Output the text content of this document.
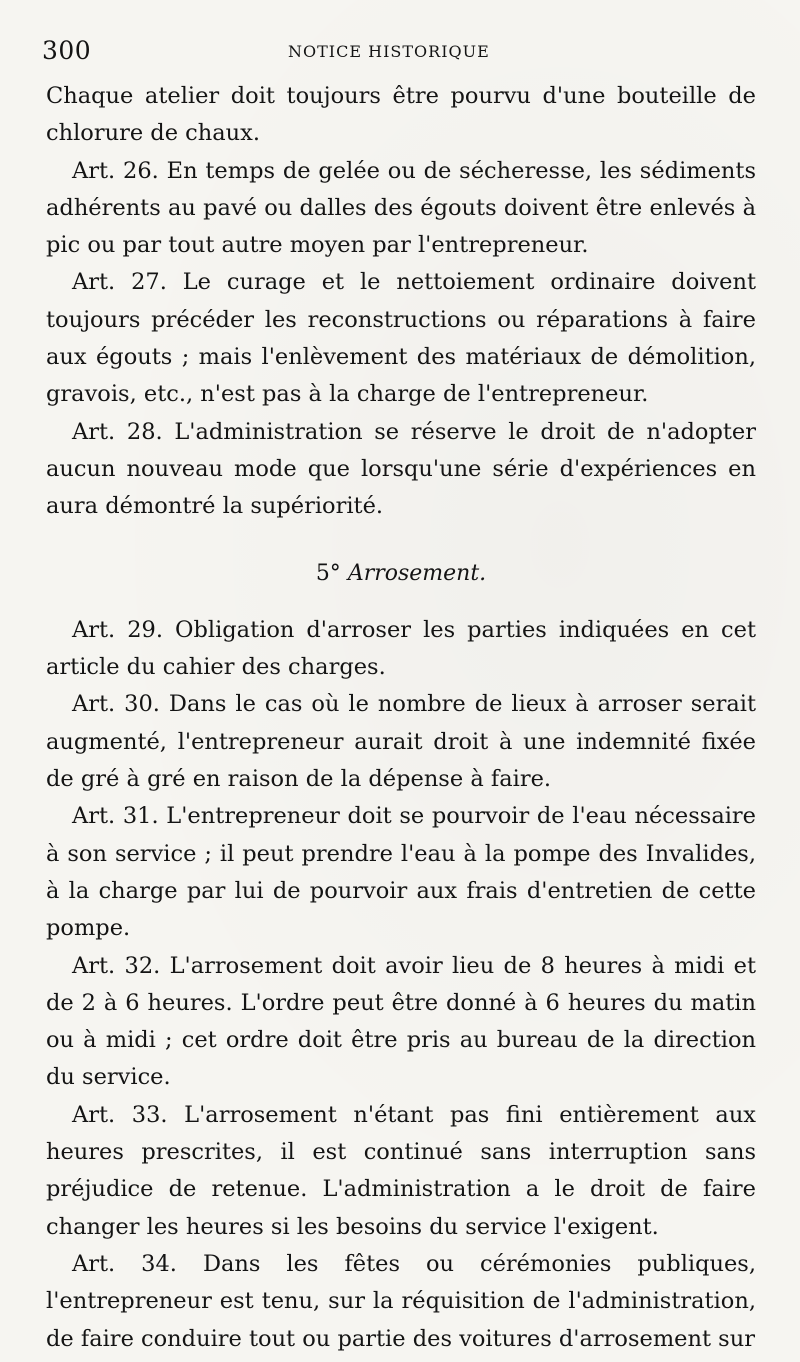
300	NOTICE HISTORIQUE

Chaque atelier doit toujours être pourvu d'une bouteille de chlorure de chaux.

Art. 26. En temps de gelée ou de sécheresse, les sédiments adhérents au pavé ou dalles des égouts doivent être enlevés à pic ou par tout autre moyen par l'entrepreneur.

Art. 27. Le curage et le nettoiement ordinaire doivent toujours précéder les reconstructions ou réparations à faire aux égouts ; mais l'enlèvement des matériaux de démolition, gravois, etc., n'est pas à la charge de l'entrepreneur.

Art. 28. L'administration se réserve le droit de n'adopter aucun nouveau mode que lorsqu'une série d'expériences en aura démontré la supériorité.

5° Arrosement.

Art. 29. Obligation d'arroser les parties indiquées en cet article du cahier des charges.

Art. 30. Dans le cas où le nombre de lieux à arroser serait augmenté, l'entrepreneur aurait droit à une indemnité fixée de gré à gré en raison de la dépense à faire.

Art. 31. L'entrepreneur doit se pourvoir de l'eau nécessaire à son service ; il peut prendre l'eau à la pompe des Invalides, à la charge par lui de pourvoir aux frais d'entretien de cette pompe.

Art. 32. L'arrosement doit avoir lieu de 8 heures à midi et de 2 à 6 heures. L'ordre peut être donné à 6 heures du matin ou à midi ; cet ordre doit être pris au bureau de la direction du service.

Art. 33. L'arrosement n'étant pas fini entièrement aux heures prescrites, il est continué sans interruption sans préjudice de retenue. L'administration a le droit de faire changer les heures si les besoins du service l'exigent.

Art. 34. Dans les fêtes ou cérémonies publiques, l'entrepreneur est tenu, sur la réquisition de l'administration, de faire conduire tout ou partie des voitures d'arrosement sur
